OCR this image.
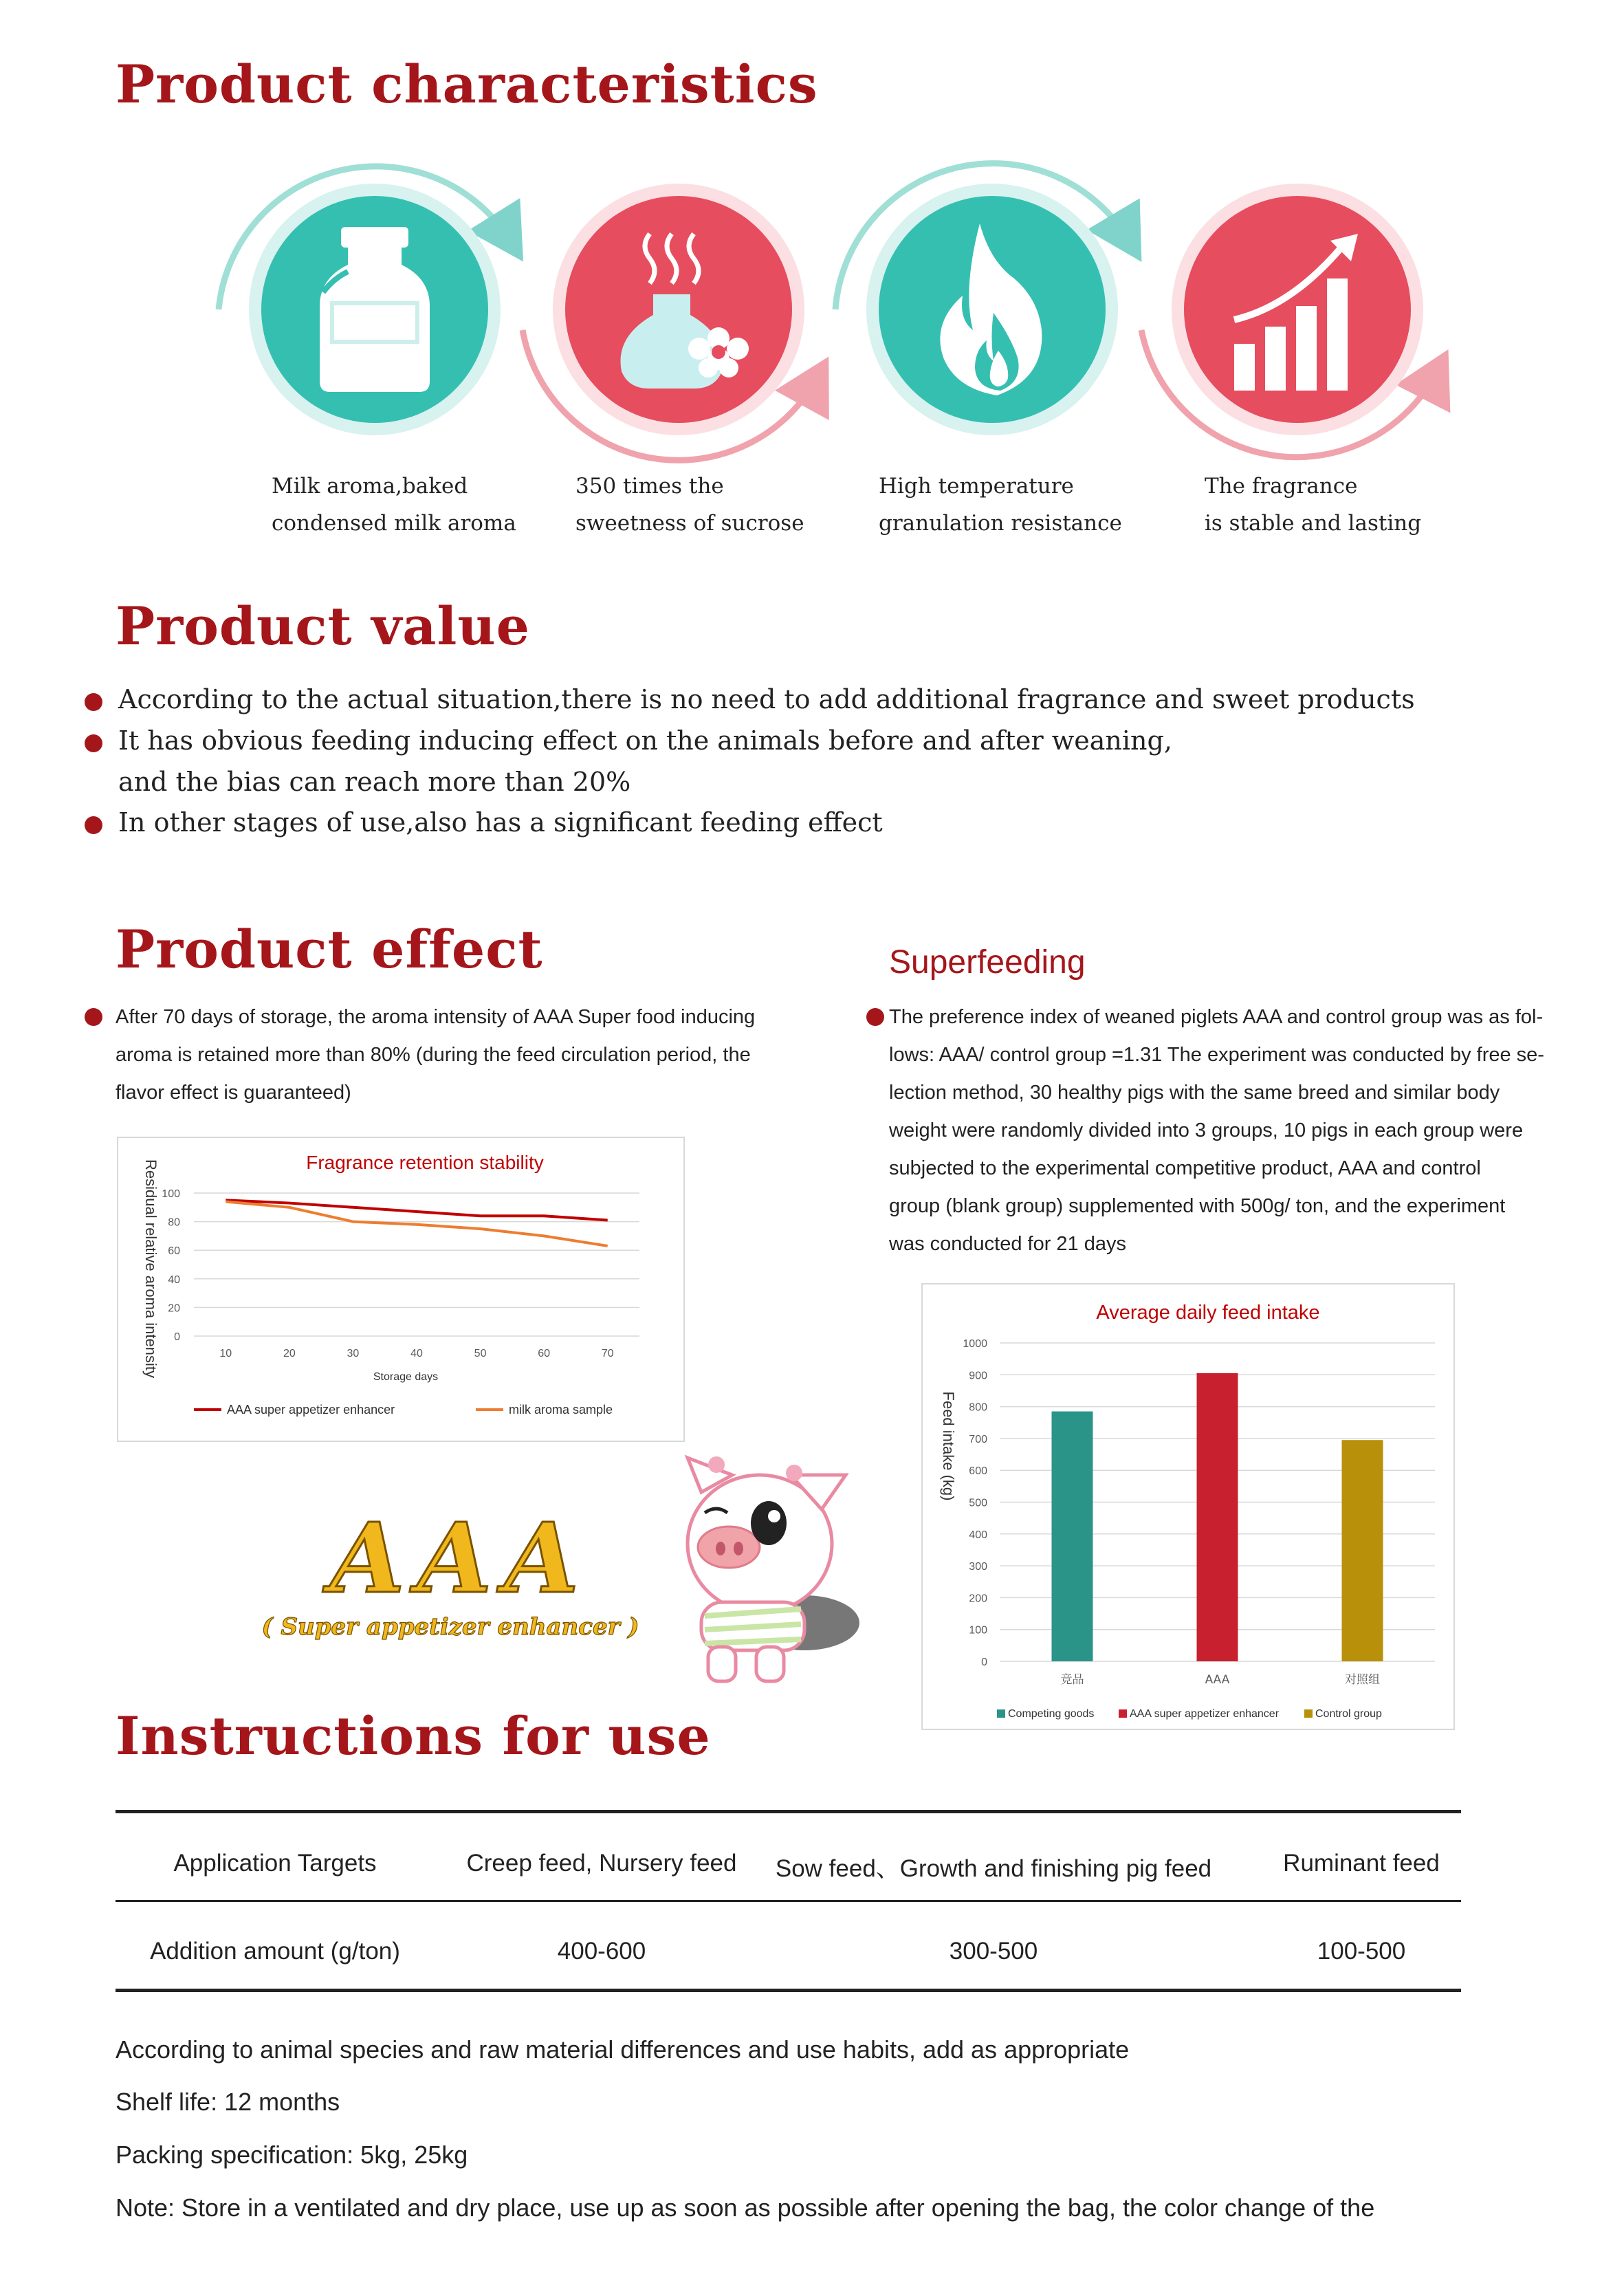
Product characteristics
Milk aroma,baked
condensed milk aroma
350 times the
sweetness of sucrose
High temperature
granulation resistance
The fragrance
is stable and lasting
Product value
According to the actual situation,there is no need to add additional fragrance and sweet products
It has obvious feeding inducing effect on the animals before and after weaning,
and the bias can reach more than 20%
In other stages of use,also has a significant feeding effect
Product effect
After 70 days of storage, the aroma intensity of AAA Super food inducing
aroma is retained more than 80% (during the feed circulation period, the
flavor effect is guaranteed)
Superfeeding
The preference index of weaned piglets AAA and control group was as fol-
lows: AAA/ control group =1.31 The experiment was conducted by free se-
lection method, 30 healthy pigs with the same breed and similar body
weight were randomly divided into 3 groups, 10 pigs in each group were
subjected to the experimental competitive product, AAA and control
group (blank group) supplemented with 500g/ ton, and the experiment
was conducted for 21 days
Fragrance retention stability
Residual relative aroma intensity	Storage days
0
20
40
60
80
100
10	20	30	40	50	60	70
AAA super appetizer enhancer	milk aroma sample
Average daily feed intake
Feed intake (kg)
0
100
200
300
400
500
600
700
800
900
1000
竞品	AAA	对照组
Competing goods	AAA super appetizer enhancer	Control group
AAA
( Super appetizer enhancer )
Instructions for use
Application Targets	Creep feed, Nursery feed	Sow feed、Growth and finishing pig feed	Ruminant feed
Addition amount (g/ton)	400-600	300-500	100-500
According to animal species and raw material differences and use habits, add as appropriate
Shelf life: 12 months
Packing specification: 5kg, 25kg
Note: Store in a ventilated and dry place, use up as soon as possible after opening the bag, the color change of the
